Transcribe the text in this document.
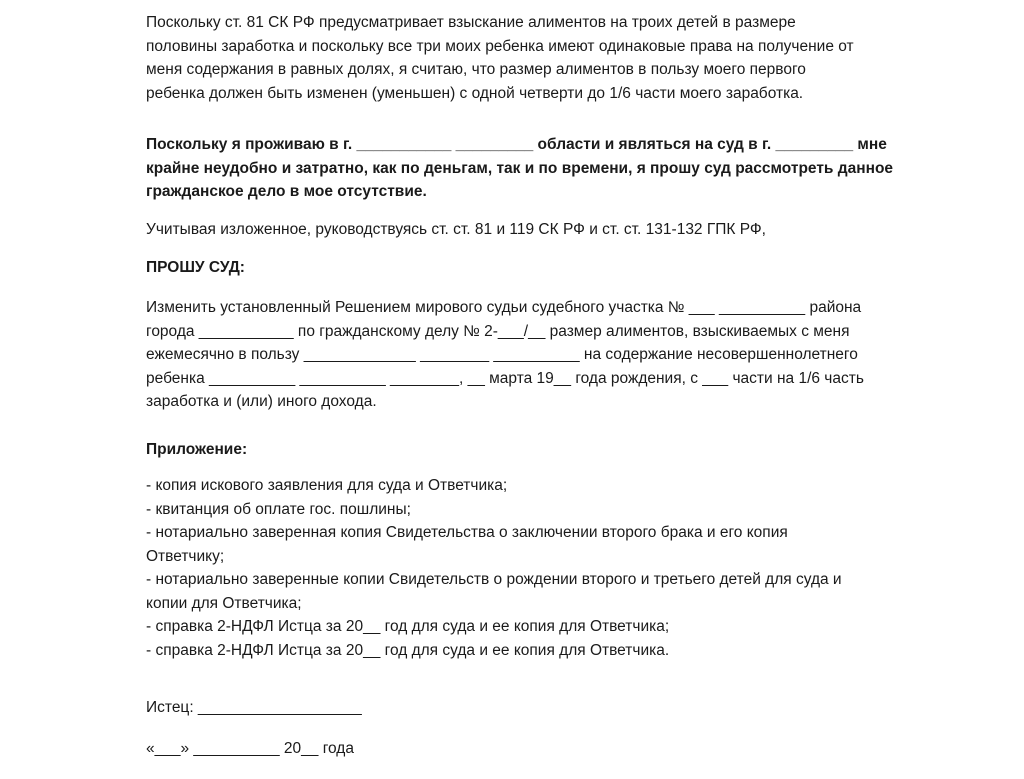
Поскольку ст. 81 СК РФ предусматривает взыскание алиментов на троих детей в размере
половины заработка и поскольку все три моих ребенка имеют одинаковые права на получение от
меня содержания в равных долях, я считаю, что размер алиментов в пользу моего первого
ребенка должен быть изменен (уменьшен) с одной четверти до 1/6 части моего заработка.

Поскольку я проживаю в г. ___________ _________ области и являться на суд в г. _________ мне
крайне неудобно и затратно, как по деньгам, так и по времени, я прошу суд рассмотреть данное
гражданское дело в мое отсутствие.

Учитывая изложенное, руководствуясь ст. ст. 81 и 119 СК РФ и ст. ст. 131-132 ГПК РФ,

ПРОШУ СУД:

Изменить установленный Решением мирового судьи судебного участка № ___ __________ района
города ___________ по гражданскому делу № 2-___/__ размер алиментов, взыскиваемых с меня
ежемесячно в пользу _____________ ________ __________ на содержание несовершеннолетнего
ребенка __________ __________ ________, __ марта 19__ года рождения, с ___ части на 1/6 часть
заработка и (или) иного дохода.

Приложение:

- копия искового заявления для суда и Ответчика;
- квитанция об оплате гос. пошлины;
- нотариально заверенная копия Свидетельства о заключении второго брака и его копия
Ответчику;
- нотариально заверенные копии Свидетельств о рождении второго и третьего детей для суда и
копии для Ответчика;
- справка 2-НДФЛ Истца за 20__ год для суда и ее копия для Ответчика;
- справка 2-НДФЛ Истца за 20__ год для суда и ее копия для Ответчика.

Истец: ___________________

«___» __________ 20__ года
